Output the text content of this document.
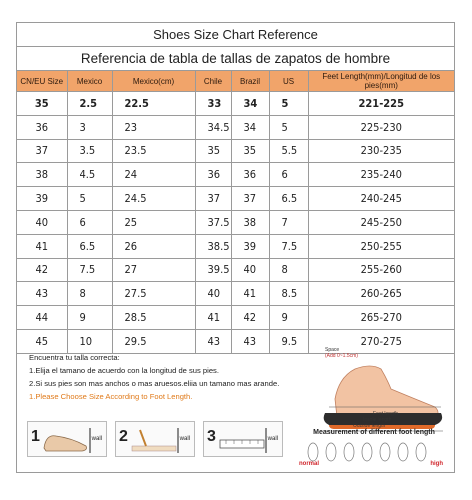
Shoes Size Chart Reference
Referencia de tabla de tallas de zapatos de hombre
CN/EU Size	Mexico	Mexico(cm)	Chile	Brazil	US	Feet Length(mm)/Longitud de los pies(mm)
35	2.5	22.5	33	34	5	221-225
36	3	23	34.5	34	5	225-230
37	3.5	23.5	35	35	5.5	230-235
38	4.5	24	36	36	6	235-240
39	5	24.5	37	37	6.5	240-245
40	6	25	37.5	38	7	245-250
41	6.5	26	38.5	39	7.5	250-255
42	7.5	27	39.5	40	8	255-260
43	8	27.5	40	41	8.5	260-265
44	9	28.5	41	42	9	265-270
45	10	29.5	43	43	9.5	270-275
Encuentra tu talla correcta:
1.Elija el tamano de acuerdo con la longitud de sus pies.
2.Si sus pies son mas anchos o mas aruesos.eliia un tamano mas arande.
1.Please Choose Size According to Foot Length.
1	wall 2	wall 3	wall
Space
(Add 0~1.5cm)
Feet length
Insole length
Outside length
Measurement of different foot length
normal	high
